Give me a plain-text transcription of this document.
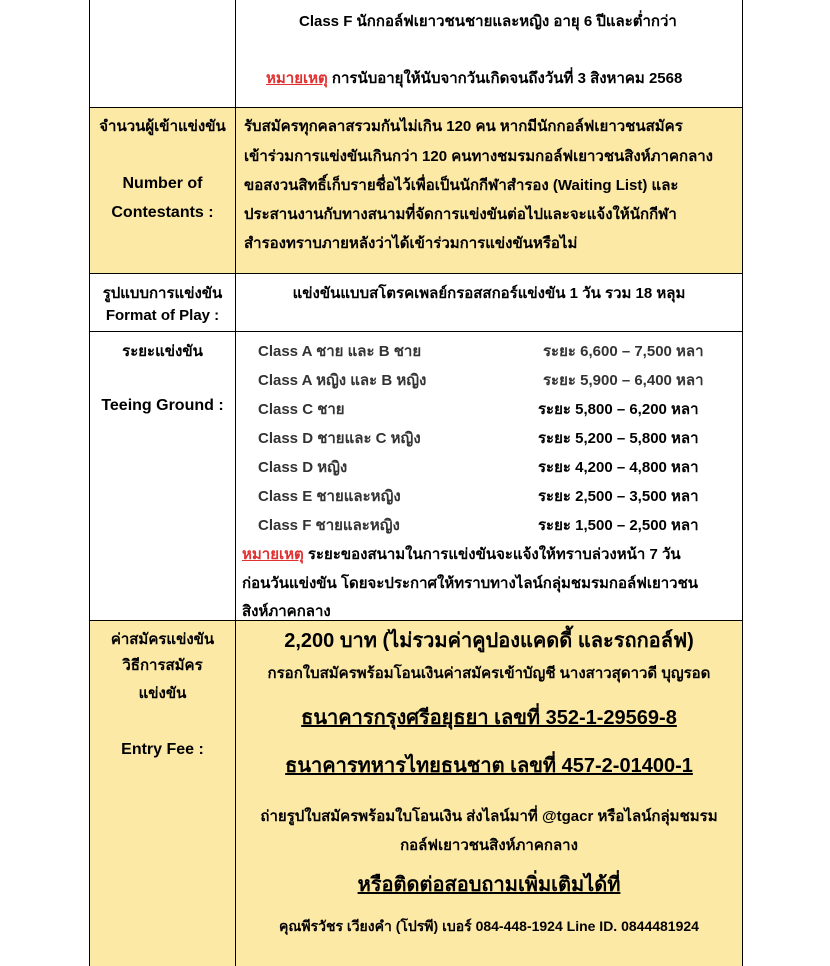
Class F นักกอล์ฟเยาวชนชายและหญิง อายุ 6 ปีและต่ำกว่า
หมายเหตุ การนับอายุให้นับจากวันเกิดจนถึงวันที่ 3 สิงหาคม 2568
จำนวนผู้เข้าแข่งขัน
Number of
Contestants :
รับสมัครทุกคลาสรวมกันไม่เกิน 120 คน หากมีนักกอล์ฟเยาวชนสมัคร
เข้าร่วมการแข่งขันเกินกว่า 120 คนทางชมรมกอล์ฟเยาวชนสิงห์ภาคกลาง
ขอสงวนสิทธิ์เก็บรายชื่อไว้เพื่อเป็นนักกีฬาสำรอง (Waiting List) และ
ประสานงานกับทางสนามที่จัดการแข่งขันต่อไปและจะแจ้งให้นักกีฬา
สำรองทราบภายหลังว่าได้เข้าร่วมการแข่งขันหรือไม่
รูปแบบการแข่งขัน
Format of Play :
แข่งขันแบบสโตรคเพลย์กรอสสกอร์แข่งขัน 1 วัน รวม 18 หลุม
ระยะแข่งขัน
Teeing Ground :
Class A ชาย และ B ชาย	ระยะ 6,600 – 7,500 หลา
Class A หญิง และ B หญิง	ระยะ 5,900 – 6,400 หลา
Class C ชาย	ระยะ 5,800 – 6,200 หลา
Class D ชายและ C หญิง	ระยะ 5,200 – 5,800 หลา
Class D หญิง	ระยะ 4,200 – 4,800 หลา
Class E ชายและหญิง	ระยะ 2,500 – 3,500 หลา
Class F ชายและหญิง	ระยะ 1,500 – 2,500 หลา
หมายเหตุ ระยะของสนามในการแข่งขันจะแจ้งให้ทราบล่วงหน้า 7 วัน
ก่อนวันแข่งขัน โดยจะประกาศให้ทราบทางไลน์กลุ่มชมรมกอล์ฟเยาวชน
สิงห์ภาคกลาง
ค่าสมัครแข่งขัน
วิธีการสมัคร
แข่งขัน
Entry Fee :
2,200 บาท (ไม่รวมค่าคูปองแคดดี้ และรถกอล์ฟ)
กรอกใบสมัครพร้อมโอนเงินค่าสมัครเข้าบัญชี นางสาวสุดาวดี บุญรอด
ธนาคารกรุงศรีอยุธยา เลขที่ 352-1-29569-8
ธนาคารทหารไทยธนชาต เลขที่ 457-2-01400-1
ถ่ายรูปใบสมัครพร้อมใบโอนเงิน ส่งไลน์มาที่ @tgacr หรือไลน์กลุ่มชมรม
กอล์ฟเยาวชนสิงห์ภาคกลาง
หรือติดต่อสอบถามเพิ่มเติมได้ที่
คุณพีรวัชร เวียงคำ (โปรพี) เบอร์ 084-448-1924 Line ID. 0844481924
